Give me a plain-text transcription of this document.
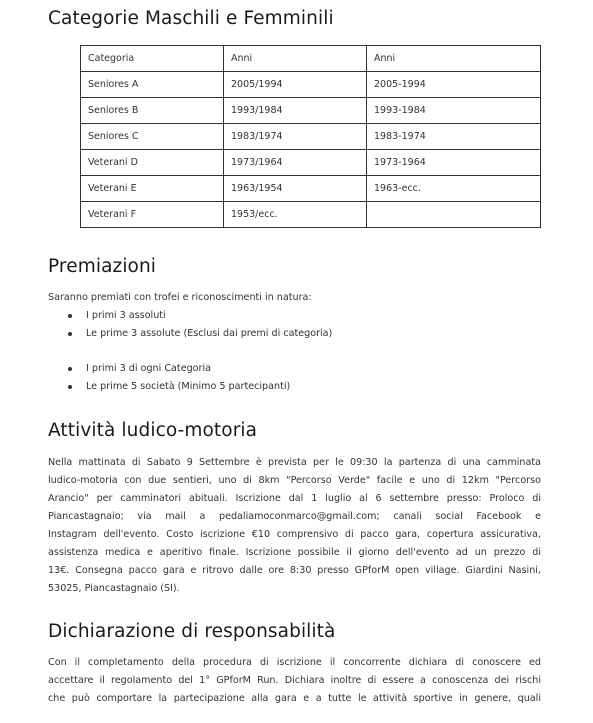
Categorie Maschili e Femminili
Categoria	Anni	Anni
Seniores A	2005/1994	2005-1994
Seniores B	1993/1984	1993-1984
Seniores C	1983/1974	1983-1974
Veterani D	1973/1964	1973-1964
Veterani E	1963/1954	1963-ecc.
Veterani F	1953/ecc.	
Premiazioni

Saranno premiati con trofei e riconoscimenti in natura:

I primi 3 assoluti
Le prime 3 assolute (Esclusi dai premi di categoria)
I primi 3 di ogni Categoria
Le prime 5 società (Minimo 5 partecipanti)
Attività ludico-motoria

Nella mattinata di Sabato 9 Settembre è prevista per le 09:30 la partenza di una camminata
ludico-motoria con due sentieri, uno di 8km "Percorso Verde" facile e uno di 12km "Percorso
Arancio" per camminatori abituali. Iscrizione dal 1 luglio al 6 settembre presso: Proloco di
Piancastagnaio; via mail a pedaliamoconmarco@gmail.com; canali social Facebook e
Instagram dell'evento. Costo iscrizione €10 comprensivo di pacco gara, copertura assicurativa,
assistenza medica e aperitivo finale. Iscrizione possibile il giorno dell'evento ad un prezzo di
13€. Consegna pacco gara e ritrovo dalle ore 8:30 presso GPforM open village. Giardini Nasini,
53025, Piancastagnaio (SI).

Dichiarazione di responsabilità

Con il completamento della procedura di iscrizione il concorrente dichiara di conoscere ed
accettare il regolamento del 1° GPforM Run. Dichiara inoltre di essere a conoscenza dei rischi
che può comportare la partecipazione alla gara e a tutte le attività sportive in genere, quali
